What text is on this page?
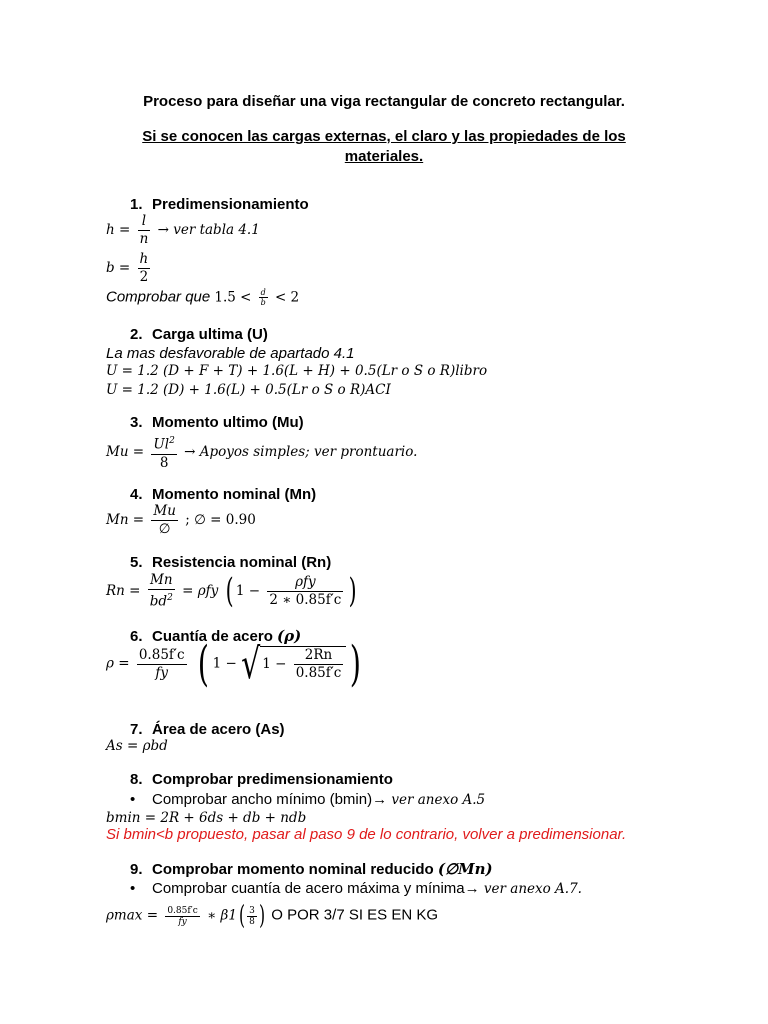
Proceso para diseñar una viga rectangular de concreto rectangular.
Si se conocen las cargas externas, el claro y las propiedades de los materiales.
1. Predimensionamiento
$h = \frac{l}{n}$ → ver tabla 4.1
$b = \frac{h}{2}$
Comprobar que $1.5 < \frac{d}{b} < 2$
2. Carga ultima (U)
La mas desfavorable de apartado 4.1
U = 1.2 (D + F + T) + 1.6(L + H) + 0.5(Lr o S o R)libro
U = 1.2 (D) + 1.6(L) + 0.5(Lr o S o R)ACI
3. Momento ultimo (Mu)
$Mu = \frac{Ul^2}{8}$ → Apoyos simples; ver prontuario.
4. Momento nominal (Mn)
Mn =
Mu
∅
; ∅ = 0.90
5. Resistencia nominal (Rn)
$Rn = \frac{Mn}{bd^2} = \rho fy$ ( 1 −
ρfy
2 ∗ 0.85f′c )
6. Cuantía de acero (ρ)
$\rho = \frac{0.85f'c}{fy}$ ( 1 − √ $1 - \frac{2Rn}{0.85f'c}$ )
7. Área de acero (As)
As = ρbd
8. Comprobar predimensionamiento
• Comprobar ancho mínimo (bmin)→ ver anexo A.5
bmin = 2R + 6ds + db + ndb
Si bmin<b propuesto, pasar al paso 9 de lo contrario, volver a predimensionar.
9. Comprobar momento nominal reducido (∅Mn)
• Comprobar cuantía de acero máxima y mínima→ ver anexo A.7.
$\rho\max = \frac{0.85f'c}{fy}$ ∗ $\beta 1( \frac{3}{8}$ ) O POR 3/7 SI ES EN KG
